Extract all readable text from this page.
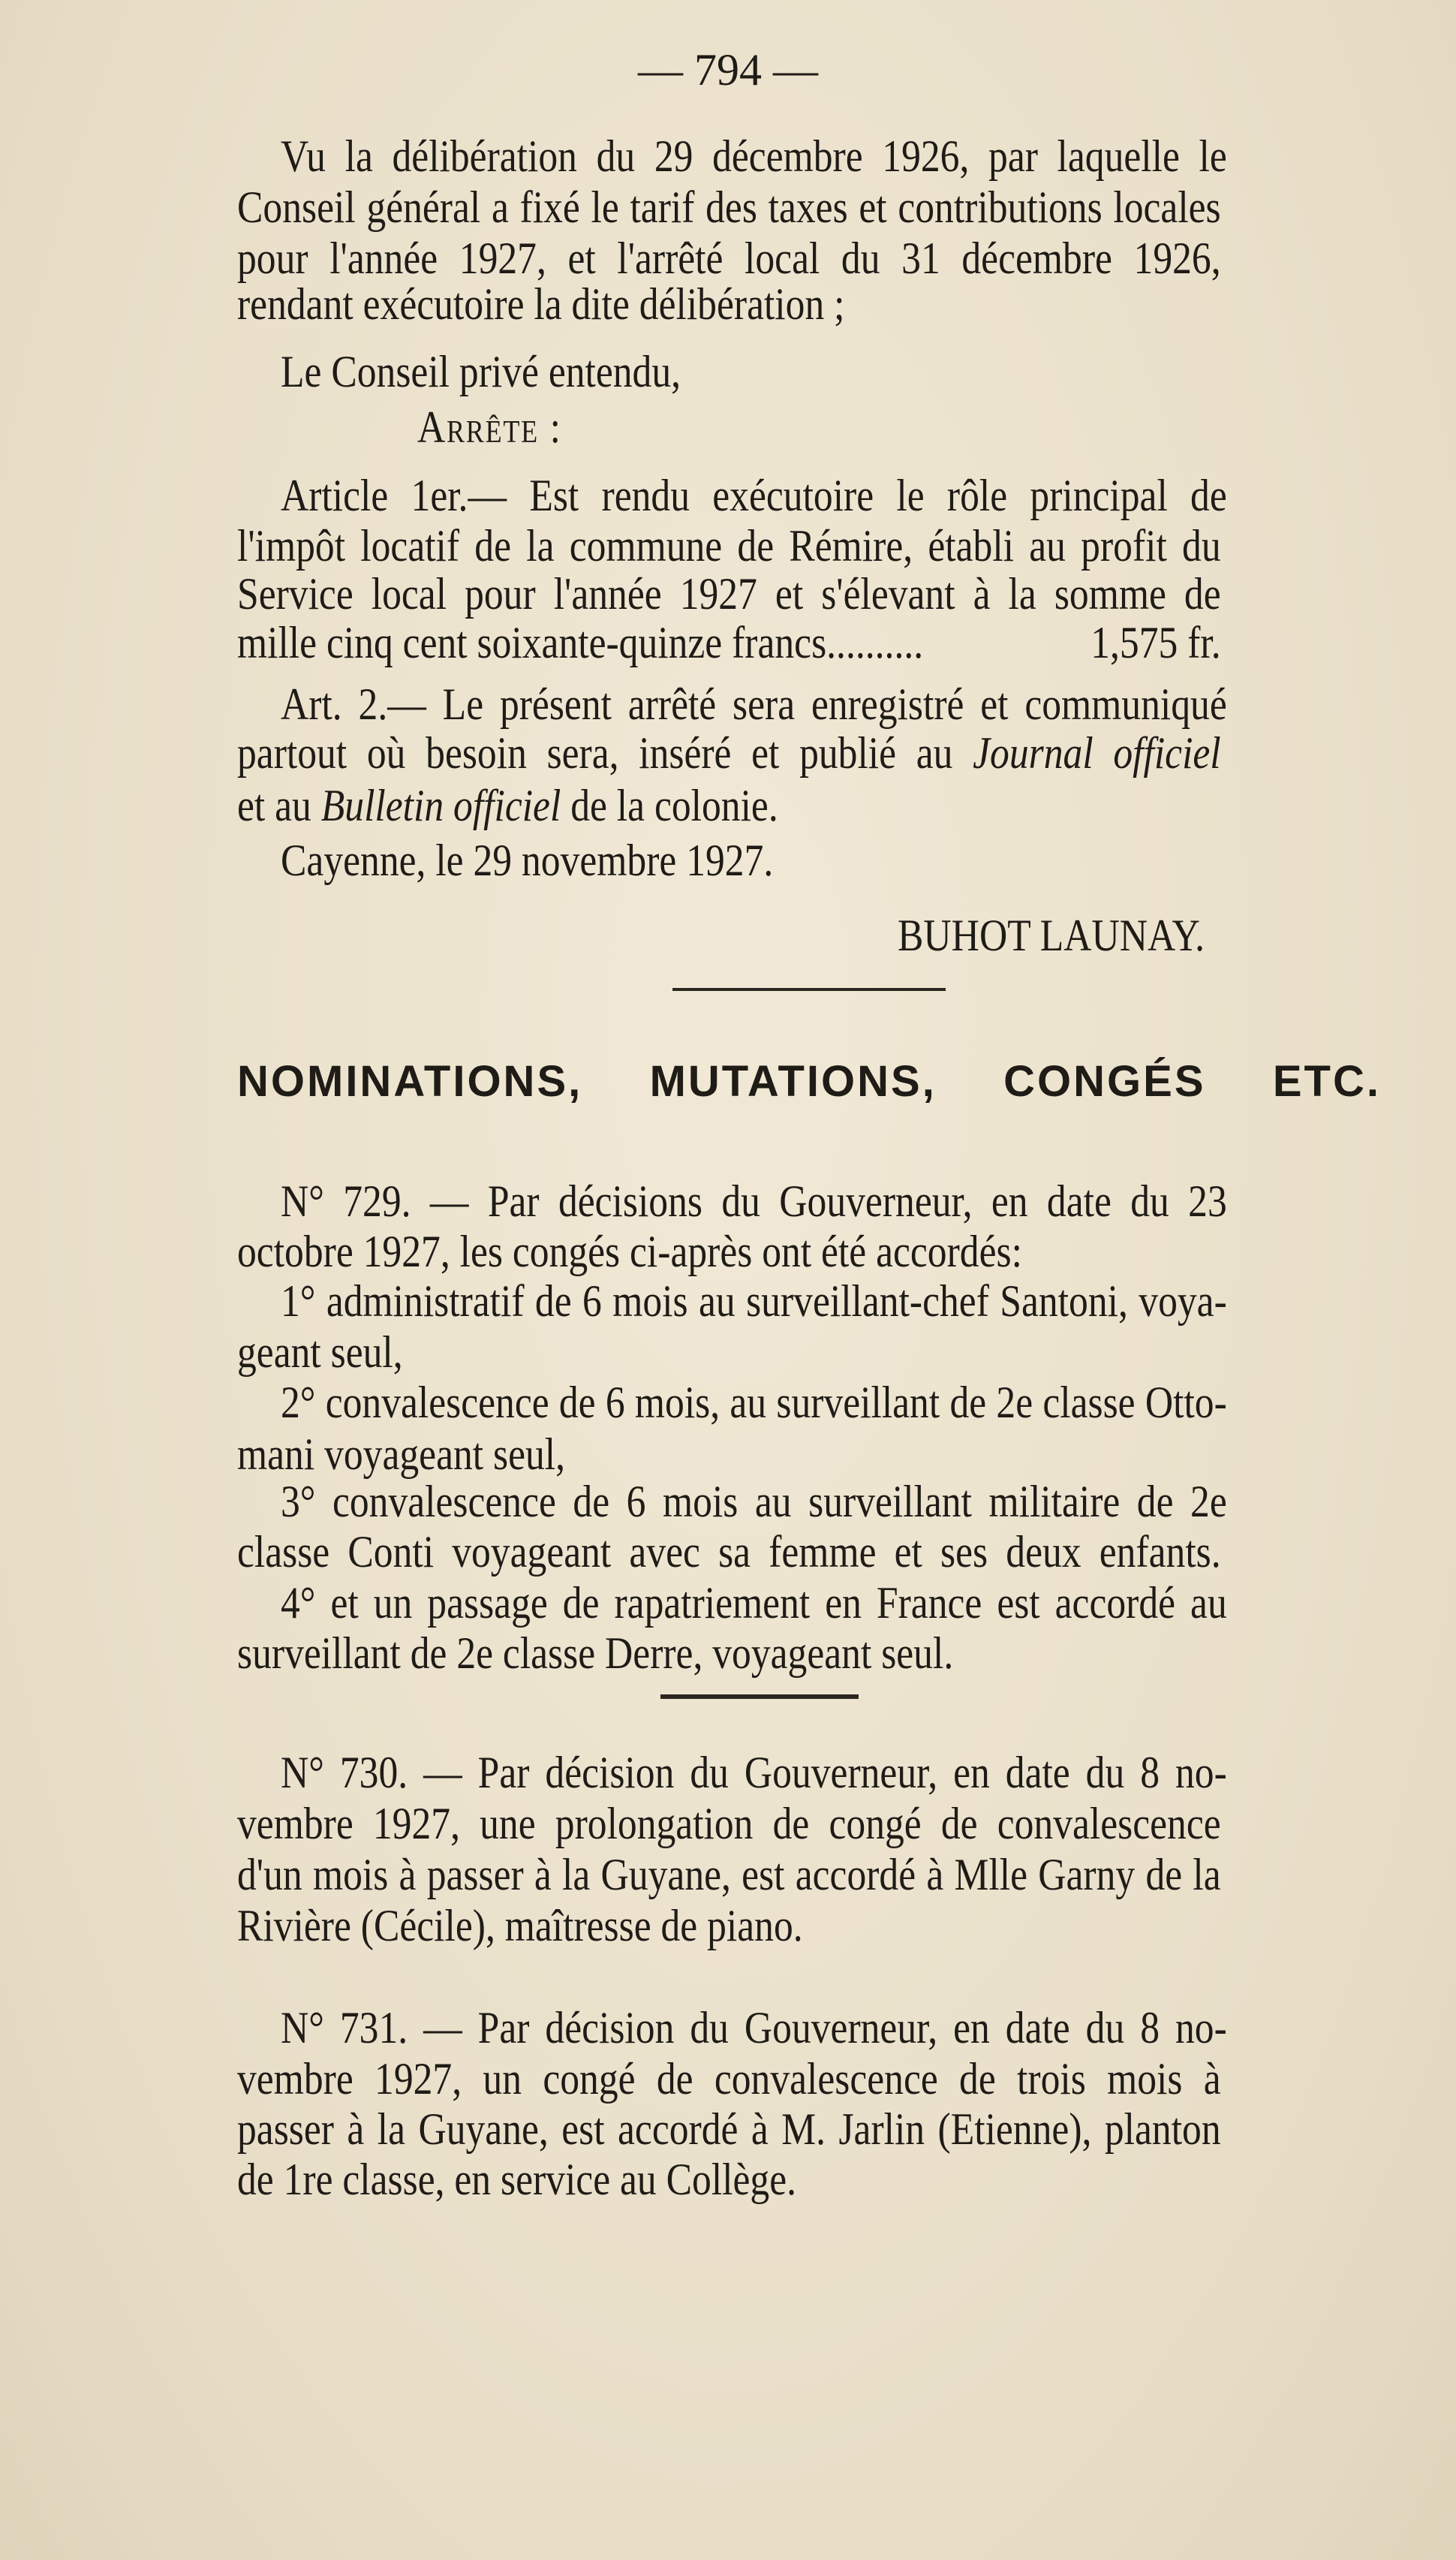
— 794 —
Vu la délibération du 29 décembre 1926, par laquelle le
Conseil général a fixé le tarif des taxes et contributions locales
pour l'année 1927, et l'arrêté local du 31 décembre 1926,
rendant exécutoire la dite délibération ;
Le Conseil privé entendu,
Arrête :
Article 1er.— Est rendu exécutoire le rôle principal de
l'impôt locatif de la commune de Rémire, établi au profit du
Service local pour l'année 1927 et s'élevant à la somme de
mille cinq cent soixante-quinze francs..........	1,575 fr.
Art. 2.— Le présent arrêté sera enregistré et communiqué
partout où besoin sera, inséré et publié au Journal officiel
et au Bulletin officiel de la colonie.
Cayenne, le 29 novembre 1927.
BUHOT LAUNAY.
NOMINATIONS, MUTATIONS, CONGÉS ETC.
N° 729. — Par décisions du Gouverneur, en date du 23
octobre 1927, les congés ci-après ont été accordés:
1° administratif de 6 mois au surveillant-chef Santoni, voya-
geant seul,
2° convalescence de 6 mois, au surveillant de 2e classe Otto-
mani voyageant seul,
3° convalescence de 6 mois au surveillant militaire de 2e
classe Conti voyageant avec sa femme et ses deux enfants.
4° et un passage de rapatriement en France est accordé au
surveillant de 2e classe Derre, voyageant seul.
N° 730. — Par décision du Gouverneur, en date du 8 no-
vembre 1927, une prolongation de congé de convalescence
d'un mois à passer à la Guyane, est accordé à Mlle Garny de la
Rivière (Cécile), maîtresse de piano.
N° 731. — Par décision du Gouverneur, en date du 8 no-
vembre 1927, un congé de convalescence de trois mois à
passer à la Guyane, est accordé à M. Jarlin (Etienne), planton
de 1re classe, en service au Collège.
